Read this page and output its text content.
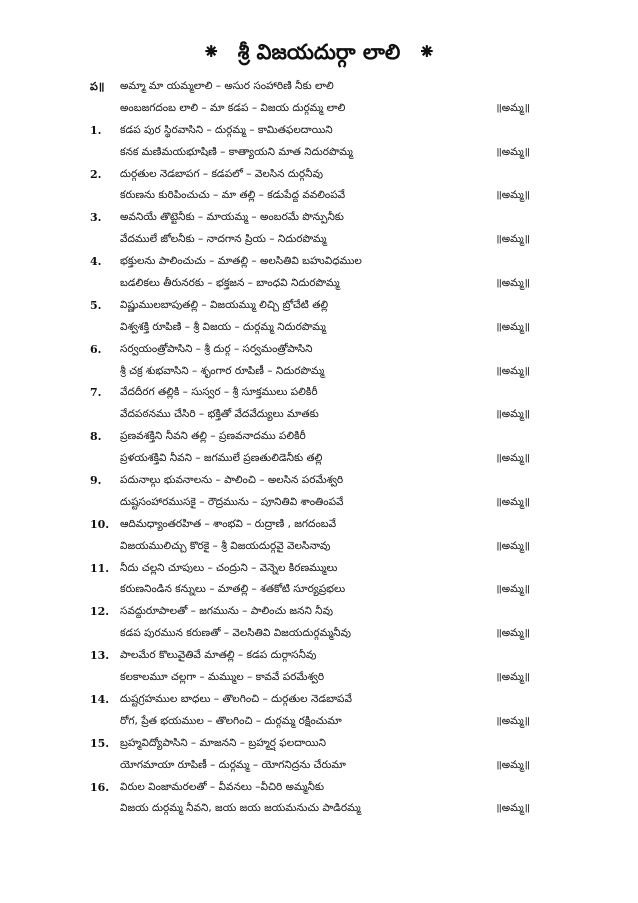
⁕ శ్రీ విజయదుర్గా లాలి ⁕
ప॥ అమ్మా మా యమ్మలాలి – అసుర సంహారిణి నీకు లాలి
అంబజగదంబ లాలి – మా కడప – విజయ దుర్గమ్మ లాలి	॥అమ్మ॥
1. కడప పుర స్థిరవాసిని – దుర్గమ్మ – కామితఫలదాయిని
కనక మణిమయభూషిణి – కాత్యాయని మాత నిదురపొమ్మ	॥అమ్మ॥
2. దుర్గతుల నెడబాపగ – కడపలో – వెలసిన దుర్గనీవు
కరుణను కురిపించుచు – మా తల్లి – కడుపేద్ద వవలింపవే	॥అమ్మ॥
3. అవనియే తొట్టెనీకు – మాయమ్మ – అంబరమే పొన్పునీకు
వేదములే జోలనీకు – నాదగాన ప్రియ – నిదురపొమ్మ	॥అమ్మ॥
4. భక్తులను పాలించుచు – మాతల్లి – అలసితివి బహువిధముల
బడలికలు తీరునరకు – భక్తజన – బాంధవి నిదురపొమ్మ	॥అమ్మ॥
5. విష్ణుములబాపుతల్లి – విజయమ్ము లిచ్చి బ్రోచేటి తల్లి
విశ్వశక్తి రూపిణి – శ్రీ విజయ – దుర్గమ్మ నిదురపొమ్మ	॥అమ్మ॥
6. సర్వయంత్రోపాసిని – శ్రీ దుర్గ – సర్వమంత్రోపాసిని
శ్రీ చక్ర శుభవాసిని – శృంగార రూపిణీ – నిదురపొమ్మ	॥అమ్మ॥
7. వేదదీరగ తల్లికి – సుస్వర – శ్రీ సూక్తములు పలికిరీ
వేదపఠనము చేసిరి – భక్తితో వేదవేద్యులు మాతకు	॥అమ్మ॥
8. ప్రణవశక్తిని నీవని తల్లి – ప్రణవనాదము పలికిరీ
ప్రళయశక్తివి నీవని – జగములే ప్రణతులిడెనీకు తల్లి	॥అమ్మ॥
9. పదునాల్గు భువనాలను – పాలించి – అలసిన పరమేశ్వరి
దుష్టసంహారముసకై – రౌద్రమును – పూనితివి శాంతింపవే	॥అమ్మ॥
10. ఆదిమధ్యాంతరహిత – శాంభవి – రుద్రాణి , జగదంబవే
విజయములిచ్చు కొరకై – శ్రీ విజయదుర్గవై వెలసినావు	॥అమ్మ॥
11. నీదు చల్లని చూపులు – చంద్రుని – వెన్నెల కిరణమ్ములు
కరుణనిండిన కన్నులు – మాతల్లి – శతకోటి సూర్యప్రభలు	॥అమ్మ॥
12. సవద్దురూపాలతో – జగమును – పాలించు జనని నీవు
కడప పురమున కరుణతో – వెలసితివి విజయదుర్గమ్మనీవు	॥అమ్మ॥
13. పాలమేర కొలువైతివే మాతల్లి – కడప దుర్గాసనీవు
కలకాలమూ చల్లగా – మమ్ముల – కావవే పరమేశ్వరి	॥అమ్మ॥
14. దుష్టగ్రహముల బాధలు – తొలగించి – దుర్గతుల నెడబాపవే
రోగ, ప్రేత భయముల – తొలగించి – దుర్గమ్మ రక్షించుమా	॥అమ్మ॥
15. బ్రహ్మవిద్యోపాసిని – మాజనని – బ్రహ్మర్ష ఫలదాయిని
యోగమాయా రూపిణీ – దుర్గమ్మ – యోగనిద్రను చేరుమా	॥అమ్మ॥
16. విరుల వింజామరలతో – వీవనలు –వీచిరి అమ్మనీకు
విజయ దుర్గమ్మ నీవని, జయ జయ జయమనుచు పాడిరమ్మ	॥అమ్మ॥
